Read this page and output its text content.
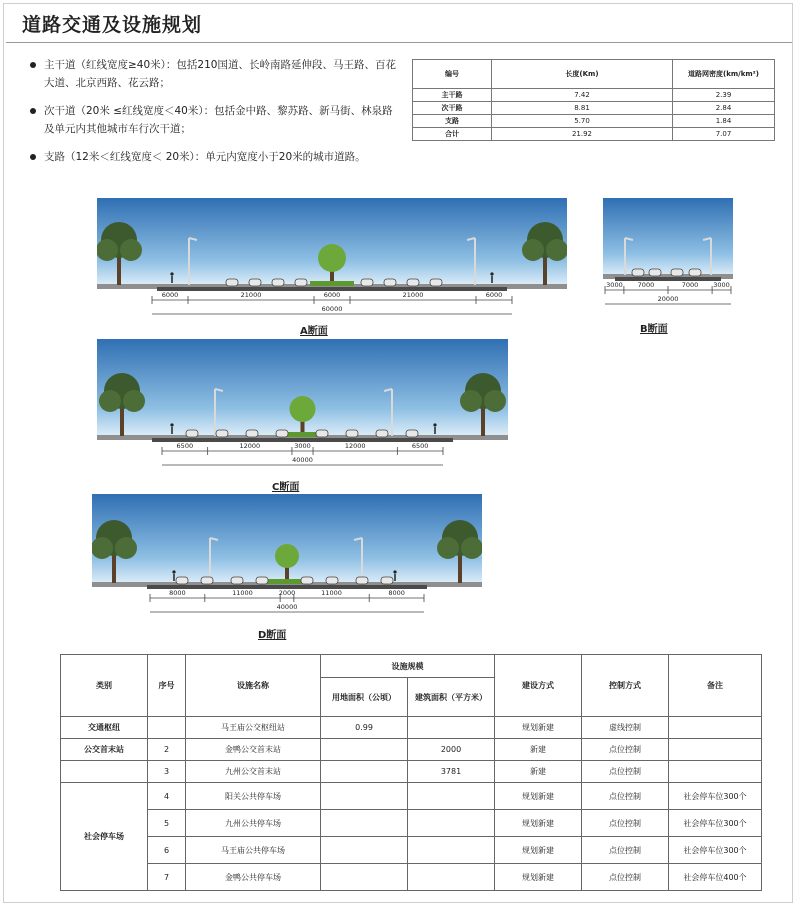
道路交通及设施规划
主干道（红线宽度≥40米）：包括210国道、长岭南路延伸段、马王路、百花大道、北京西路、花云路；
次干道（20米 ≤红线宽度＜40米）：包括金中路、黎苏路、新马街、林泉路及单元内其他城市车行次干道；
支路（12米＜红线宽度＜ 20米）：单元内宽度小于20米的城市道路。
编号	长度(Km)	道路网密度(km/km²)
主干路	7.42	2.39
次干路	8.81	2.84
支路	5.70	1.84
合计	21.92	7.07
6000	21000	6000	21000	6000
60000
A断面
3000 7000	7000 3000
20000
B断面
6500	12000	3000	12000	6500
40000
C断面
8000	11000	2000	11000	8000
40000
D断面
类别	序号	设施名称	设施规模		建设方式	控制方式	备注
			用地面积（公顷）	建筑面积（平方米）			
交通枢纽		马王庙公交枢纽站	0.99		规划新建	虚线控制	
公交首末站	2	金鸭公交首末站		2000	新建	点位控制	
	3	九州公交首末站		3781	新建	点位控制	
社会停车场	4	阳关公共停车场			规划新建	点位控制	社会停车位300个
	5	九州公共停车场			规划新建	点位控制	社会停车位300个
	6	马王庙公共停车场			规划新建	点位控制	社会停车位300个
	7	金鸭公共停车场			规划新建	点位控制	社会停车位400个
